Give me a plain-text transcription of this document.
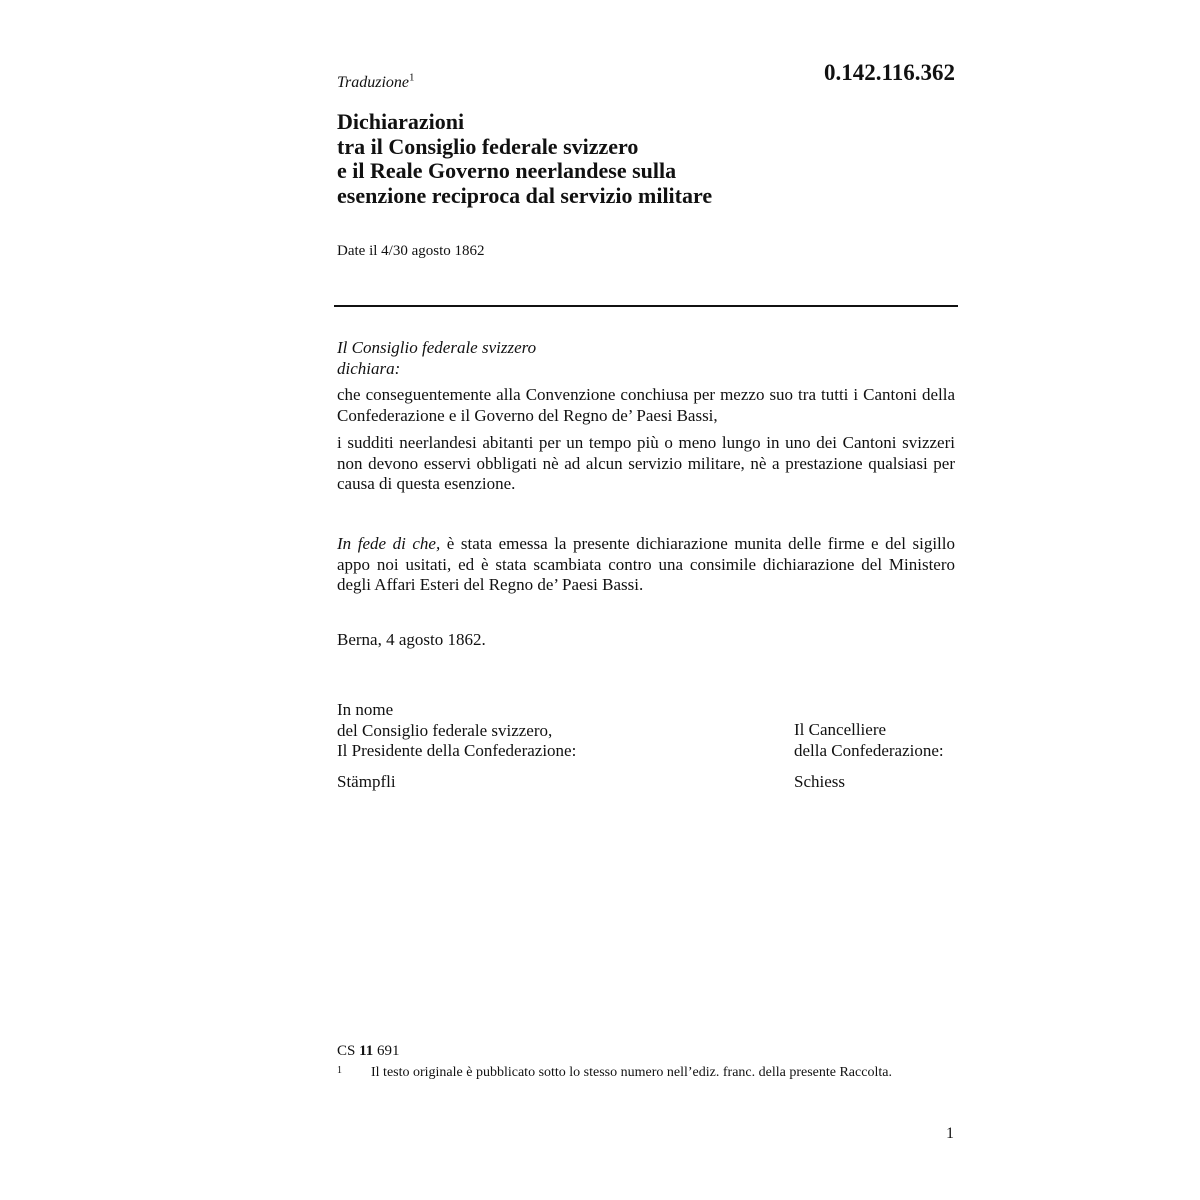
Traduzione$^1$	0.142.116.362
Dichiarazioni
tra il Consiglio federale svizzero
e il Reale Governo neerlandese sulla
esenzione reciproca dal servizio militare
Date il 4/30 agosto 1862
Il Consiglio federale svizzero
dichiara:
che conseguentemente alla Convenzione conchiusa per mezzo suo tra tutti i Cantoni della Confederazione e il Governo del Regno de’ Paesi Bassi,
i sudditi neerlandesi abitanti per un tempo più o meno lungo in uno dei Cantoni svizzeri non devono esservi obbligati nè ad alcun servizio militare, nè a prestazione qualsiasi per causa di questa esenzione.
In fede di che, è stata emessa la presente dichiarazione munita delle firme e del sigillo appo noi usitati, ed è stata scambiata contro una consimile dichiarazione del Ministero degli Affari Esteri del Regno de’ Paesi Bassi.
Berna, 4 agosto 1862.
In nome
del Consiglio federale svizzero,
Il Presidente della Confederazione:
Il Cancelliere
della Confederazione:
Stämpfli	Schiess
CS 11 691
1 Il testo originale è pubblicato sotto lo stesso numero nell’ediz. franc. della presente Raccolta.
1
